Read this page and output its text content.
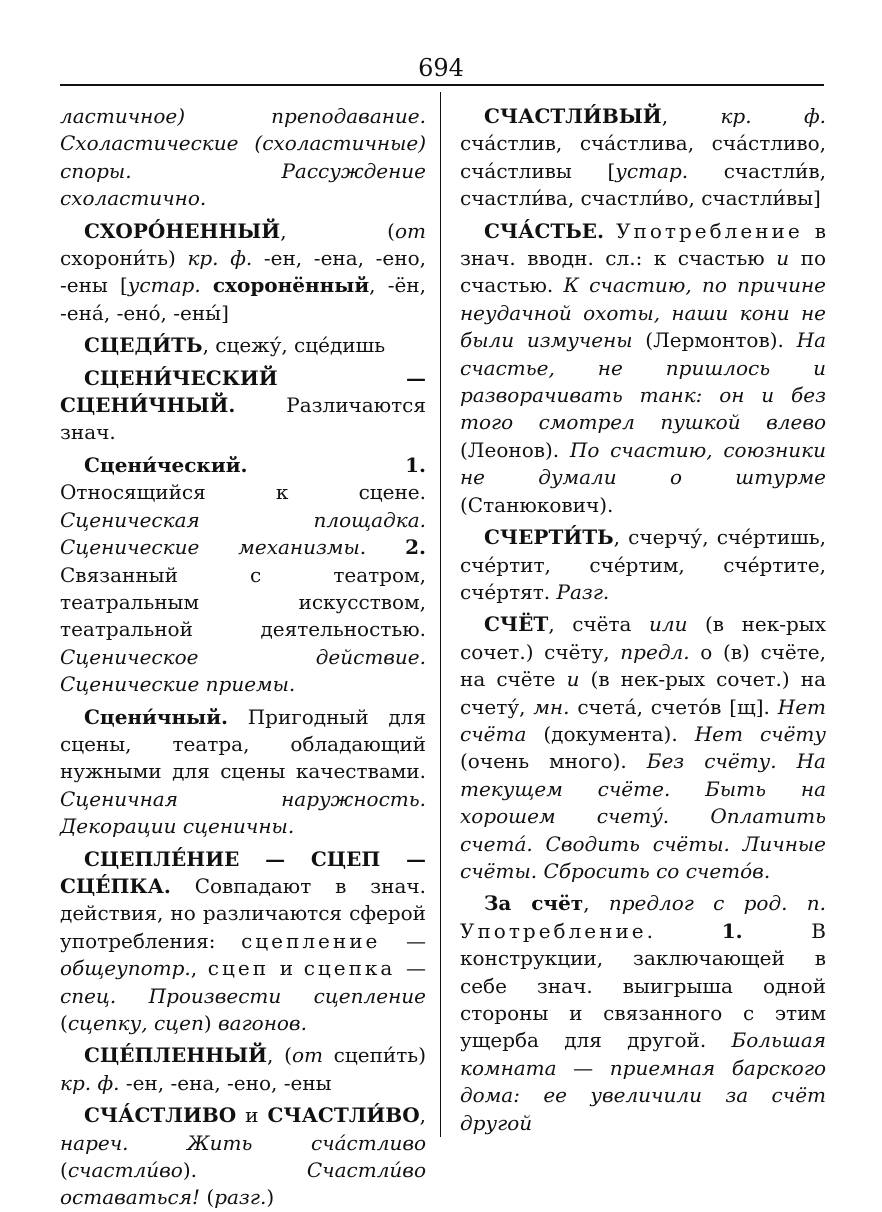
694

ластичное) преподавание. Схоластические (схоластичные) споры. Рассуждение схоластично.

СХОРО́НЕННЫЙ, (от схорони́ть) кр. ф. -ен, -ена, -ено, -ены [устар. схоронённый, -ён, -ена́, -ено́, -ены́]

СЦЕДИ́ТЬ, сцежу́, сце́дишь

СЦЕНИ́ЧЕСКИЙ — СЦЕНИ́ЧНЫЙ. Различаются знач.

Сцени́ческий.	1. Относящийся к сцене. Сценическая площадка. Сценические механизмы. 2. Связанный с театром, театральным искусством, театральной деятельностью. Сценическое действие. Сценические приемы.

Сцени́чный. Пригодный для сцены, театра, обладающий нужными для сцены качествами. Сценичная наружность. Декорации сценичны.

СЦЕПЛЕ́НИЕ — СЦЕП — СЦЕ́ПКА. Совпадают в знач. действия, но различаются сферой употребления: сцепление — общеупотр., сцеп и сцепка — спец. Произвести сцепление (сцепку, сцеп) вагонов.

СЦЕ́ПЛЕННЫЙ, (от сцепи́ть) кр. ф. -ен, -ена, -ено, -ены

СЧА́СТЛИВО и СЧАСТЛИ́ВО, нареч. Жить сча́стливо (счастли́во). Счастли́во оставаться! (разг.)

СЧАСТЛИ́ВЫЙ, кр. ф. сча́стлив, сча́стлива, сча́стливо, сча́стливы [устар. счастли́в, счастли́ва, счастли́во, счастли́вы]

СЧА́СТЬЕ. Употребление в знач. вводн. сл.: к счастью и по счастью. К счастию, по причине неудачной охоты, наши кони не были измучены (Лермонтов). На счастье, не пришлось и разворачивать танк: он и без того смотрел пушкой влево (Леонов). По счастию, союзники не думали о штурме (Станюкович).

СЧЕРТИ́ТЬ, счерчу́, сче́ртишь, сче́ртит, сче́ртим, сче́ртите, сче́ртят. Разг.

СЧЁТ, счёта или (в нек-рых сочет.) счёту, предл. о (в) счёте, на счёте и (в нек-рых сочет.) на счету́, мн. счета́, счето́в [щ]. Нет счёта (документа). Нет счёту (очень много). Без счёту. На текущем счёте. Быть на хорошем счету́. Оплатить счета́. Сводить счёты. Личные счёты. Сбросить со счето́в.

За счёт, предлог с род. п. Употребление. 1. В конструкции, заключающей в себе знач. выигрыша одной стороны и связанного с этим ущерба для другой. Большая комната — приемная барского дома: ее увеличили за счёт другой
